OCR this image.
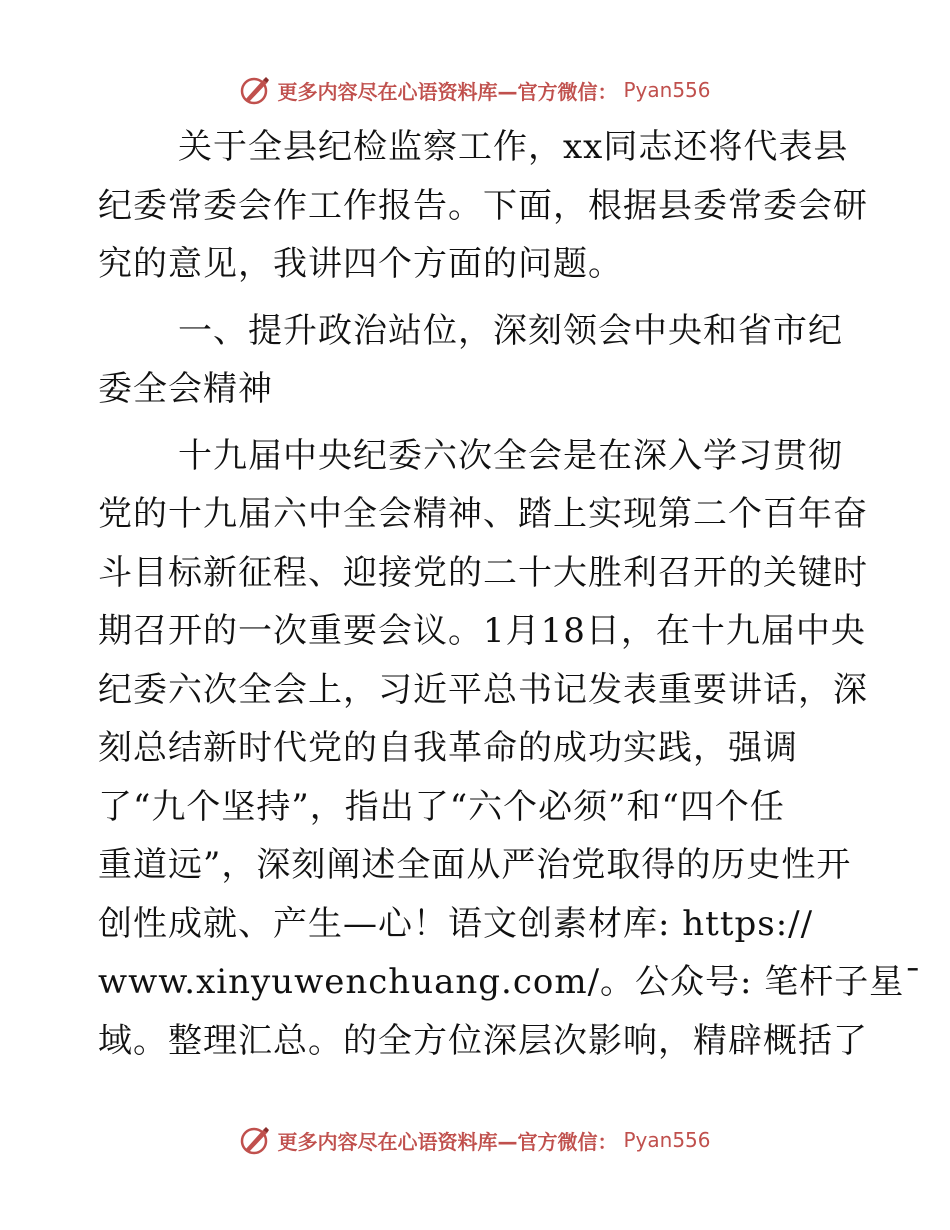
更多内容尽在心语资料库—官方微信： Pyan556

关于全县纪检监察工作，xx同志还将代表县
纪委常委会作工作报告。下面，根据县委常委会研
究的意见，我讲四个方面的问题。

一、提升政治站位，深刻领会中央和省市纪
委全会精神

十九届中央纪委六次全会是在深入学习贯彻
党的十九届六中全会精神、踏上实现第二个百年奋
斗目标新征程、迎接党的二十大胜利召开的关键时
期召开的一次重要会议。1月18日，在十九届中央
纪委六次全会上，习近平总书记发表重要讲话，深
刻总结新时代党的自我革命的成功实践，强调
了“九个坚持”，指出了“六个必须”和“四个任
重道远”，深刻阐述全面从严治党取得的历史性开
创性成就、产生—心！语文创素材库: https://
www.xinyuwenchuang.com/。公众号: 笔杆子星¯
域。整理汇总。的全方位深层次影响，精辟概括了

更多内容尽在心语资料库—官方微信： Pyan556
